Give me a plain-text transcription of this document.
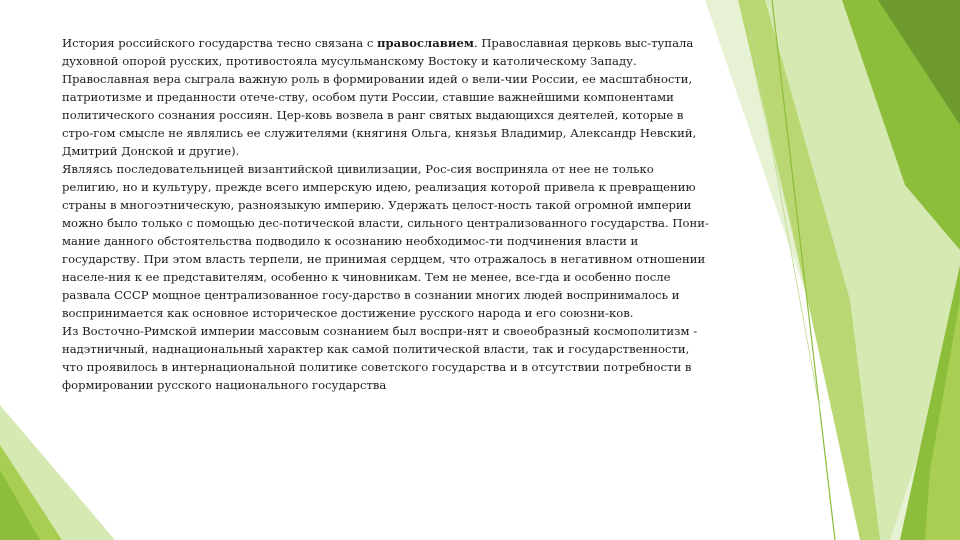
История российского государства тесно связана с православием. Православная церковь выс-тупала духовной опорой русских, противостояла мусульманскому Востоку и католическому Западу. Православная вера сыграла важную роль в формировании идей о вели-чии России, ее масштабности, патриотизме и преданности отече-ству, особом пути России, ставшие важнейшими компонентами политического сознания россиян. Цер-ковь возвела в ранг святых выдающихся деятелей, которые в стро-гом смысле не являлись ее служителями (княгиня Ольга, князья Владимир, Александр Невский, Дмитрий Донской и другие).

Являясь последовательницей византийской цивилизации, Рос-сия восприняла от нее не только религию, но и культуру, прежде всего имперскую идею, реализация которой привела к превращению страны в многоэтническую, разноязыкую империю. Удержать целост-ность такой огромной империи можно было только с помощью дес-потической власти, сильного централизованного государства. Пони-мание данного обстоятельства подводило к осознанию необходимос-ти подчинения власти и государству. При этом власть терпели, не принимая сердцем, что отражалось в негативном отношении населе-ния к ее представителям, особенно к чиновникам. Тем не менее, все-гда и особенно после развала СССР мощное централизованное госу-дарство в сознании многих людей воспринималось и воспринимается как основное историческое достижение русского народа и его союзни-ков.

Из Восточно-Римской империи массовым сознанием был воспри-нят и своеобразный космополитизм - надэтничный, наднациональный характер как самой политической власти, так и государственности, что проявилось в интернациональной политике советского государства и в отсутствии потребности в формировании русского национального государства
